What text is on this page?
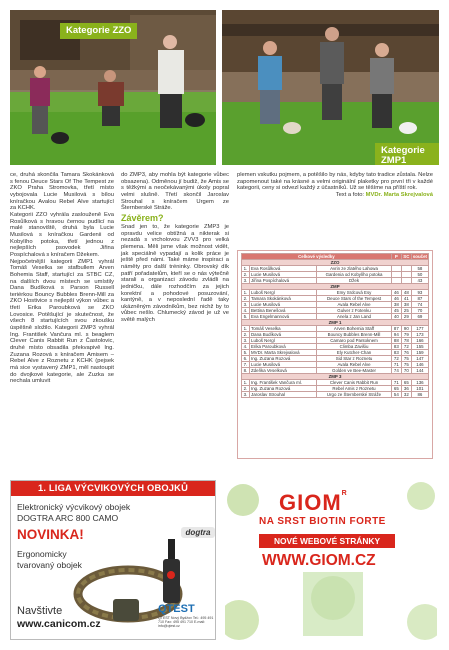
Kategorie ZZO
Kategorie ZMP1

ce, druhá skončila Tamara Skokánková s fenou Deuce Stars Of The Tempest ze ZKO Praha Stromovka, třetí místo vybojovala Lucie Musilová s bílou kníračkou Avalou Rebel Alve startující za KCHK.

Kategorii ZZO vyhrála zaslouženě Eva Rosůlková s hravou černou pudlicí na malé stanoviště, druhá byla Lucie Musilová s kníračkou Gardenii od Kobylího potoka, třetí jednou z nejlepších psovodek Jiřina Pospíchalová s kníračem Džekem.

Nejpočetnější kategorii ZMP1 vyhrál Tomáš Veselka se stafbullem Arven Bohemia Staff, startující za STBC CZ, na dalších dvou místech se umístily Dana Budíková s Parson Russell teriérkou Bouncy Bubbles Brenn-Mill za ZKO Hostivice s nejlepší výkon vůbec a třetí Erika Paroubková se ZKO Lovosice. Potěšující je skutečnost, že všech 8 startujících svou zkoušku úspěšně složilo. Kategorii ZMP3 vyhrál Ing. František Vančura ml. s beaglem Clever Canis Rabbit Run z Častolovic, druhé místo obsadila překvapivě Ing. Zuzana Rozová s kníračem Amisem – Rebel Alve z Roznetu z KCHK (pejsek má sice vystavený ZMP1, měl nastoupit do dvojkové kategorie, ale Zuzka se nechala umluvit

do ZMP3, aby mohla být kategorie vůbec obsazena). Odměnou jí budiž, že Amis se s těžkými a neočekávanými úkoly popral velmi slušně. Třetí skončil Jaroslav Strouhal s kníračem Urgem ze Šternberské Stráže.

Závěrem?

Snad jen to, že kategorie ZMP3 je opravdu velice obtížná a nikterak si nezadá s vrcholovou ZVV3 pro velká plemena. Měli jsme však možnost vidět, jak speciálně vypadají a kolik práce je ještě před námi. Také máme inspiraci a náměty pro další tréninky. Obrovský dík patří pořadatelům, kteří se o nás výtečně starali a organizaci závodu zvládli na jedničku, dále rozhodčím za jejich korektní a pohodové posuzování, kantýně, a v neposlední řadě taky ukázněným závodníkům, bez nichž by to vůbec nešlo. Chlumecký závod je už ve světě malých

plemen vskutku pojmem, a potěšilo by nás, kdyby tato tradice zůstala. Nelze zapomenout také na krásné a velmi originální plaketky pro první tři v každé kategorii, ceny si odvezl každý z účastníků. Už se těšíme na příští rok.

Text a foto: MVDr. Marta Skrejvalová

Celkové výsledky			P	SC	součet
ZZO					
1.	Eva Rosůlková	Avrin ze zlatého Lahowa			58
2.	Lucie Musilová	Gardenia od Kobylího potoka			50
3.	Jiřina Pospíchalová	Džek			43
ZMP					
1.	Luboš Nergl	Emy Srdcová Esy	46	48	93
2.	Tamara Skokánková	Deuce Stars of the Tempest	46	41	87
3.	Lucie Musilová	Avala Rebel Alve	38	38	74
4.	Bettina Benešová	Gulver z Fotenku	45	25	70
5.	Eva Engelmannová	Anela z Jan Land	40	29	69
ZMP 1					
1.	Tomáš Veselka	Arven Bohemia Staff	87	90	177
2.	Dana Budíková	Bouncy Bubbles Brenn-Mill	94	79	173
3.	Luboš Nergl	Camaro pod Pantoknem	88	78	166
4.	Erika Paroubková	Climba Zavišiu	83	72	155
5.	MVDr. Marta Skrejvalová	Ely Kutcher-Chan	83	76	159
6.	Ing. Zuzana Rozová	Sid Star z Roznetu	72	75	147
7.	Lucie Musilová	Avala Rebel Alve	71	75	146
8.	Zdeňka Veselková	Golden ve Bee-Master	74	70	144
ZMP 3					
1.	Ing. František Vančura ml.	Clever Canis Rabbit Run	71	65	136
2.	Ing. Zuzana Rozová	Rebel Amis z Roznetu	65	36	101
3.	Jaroslav Strouhal	Urgo ze Šternberské Stráže	54	32	86
1. LIGA VÝCVIKOVÝCH OBOJKŮ
Elektronický výcvikový obojek
DOGTRA ARC 800 CAMO
NOVINKA!
Ergonomicky tvarovaný obojek
dogtra
Navštivte
www.canicom.cz
QTEST
QTEST Nový Bydžov Tel.: 495 491 710 Fax: 495 491 710 E-mail: info@qtest.cz
$GIOM^R$
NA SRST BIOTIN FORTE
NOVÉ WEBOVÉ STRÁNKY
WWW.GIOM.CZ
